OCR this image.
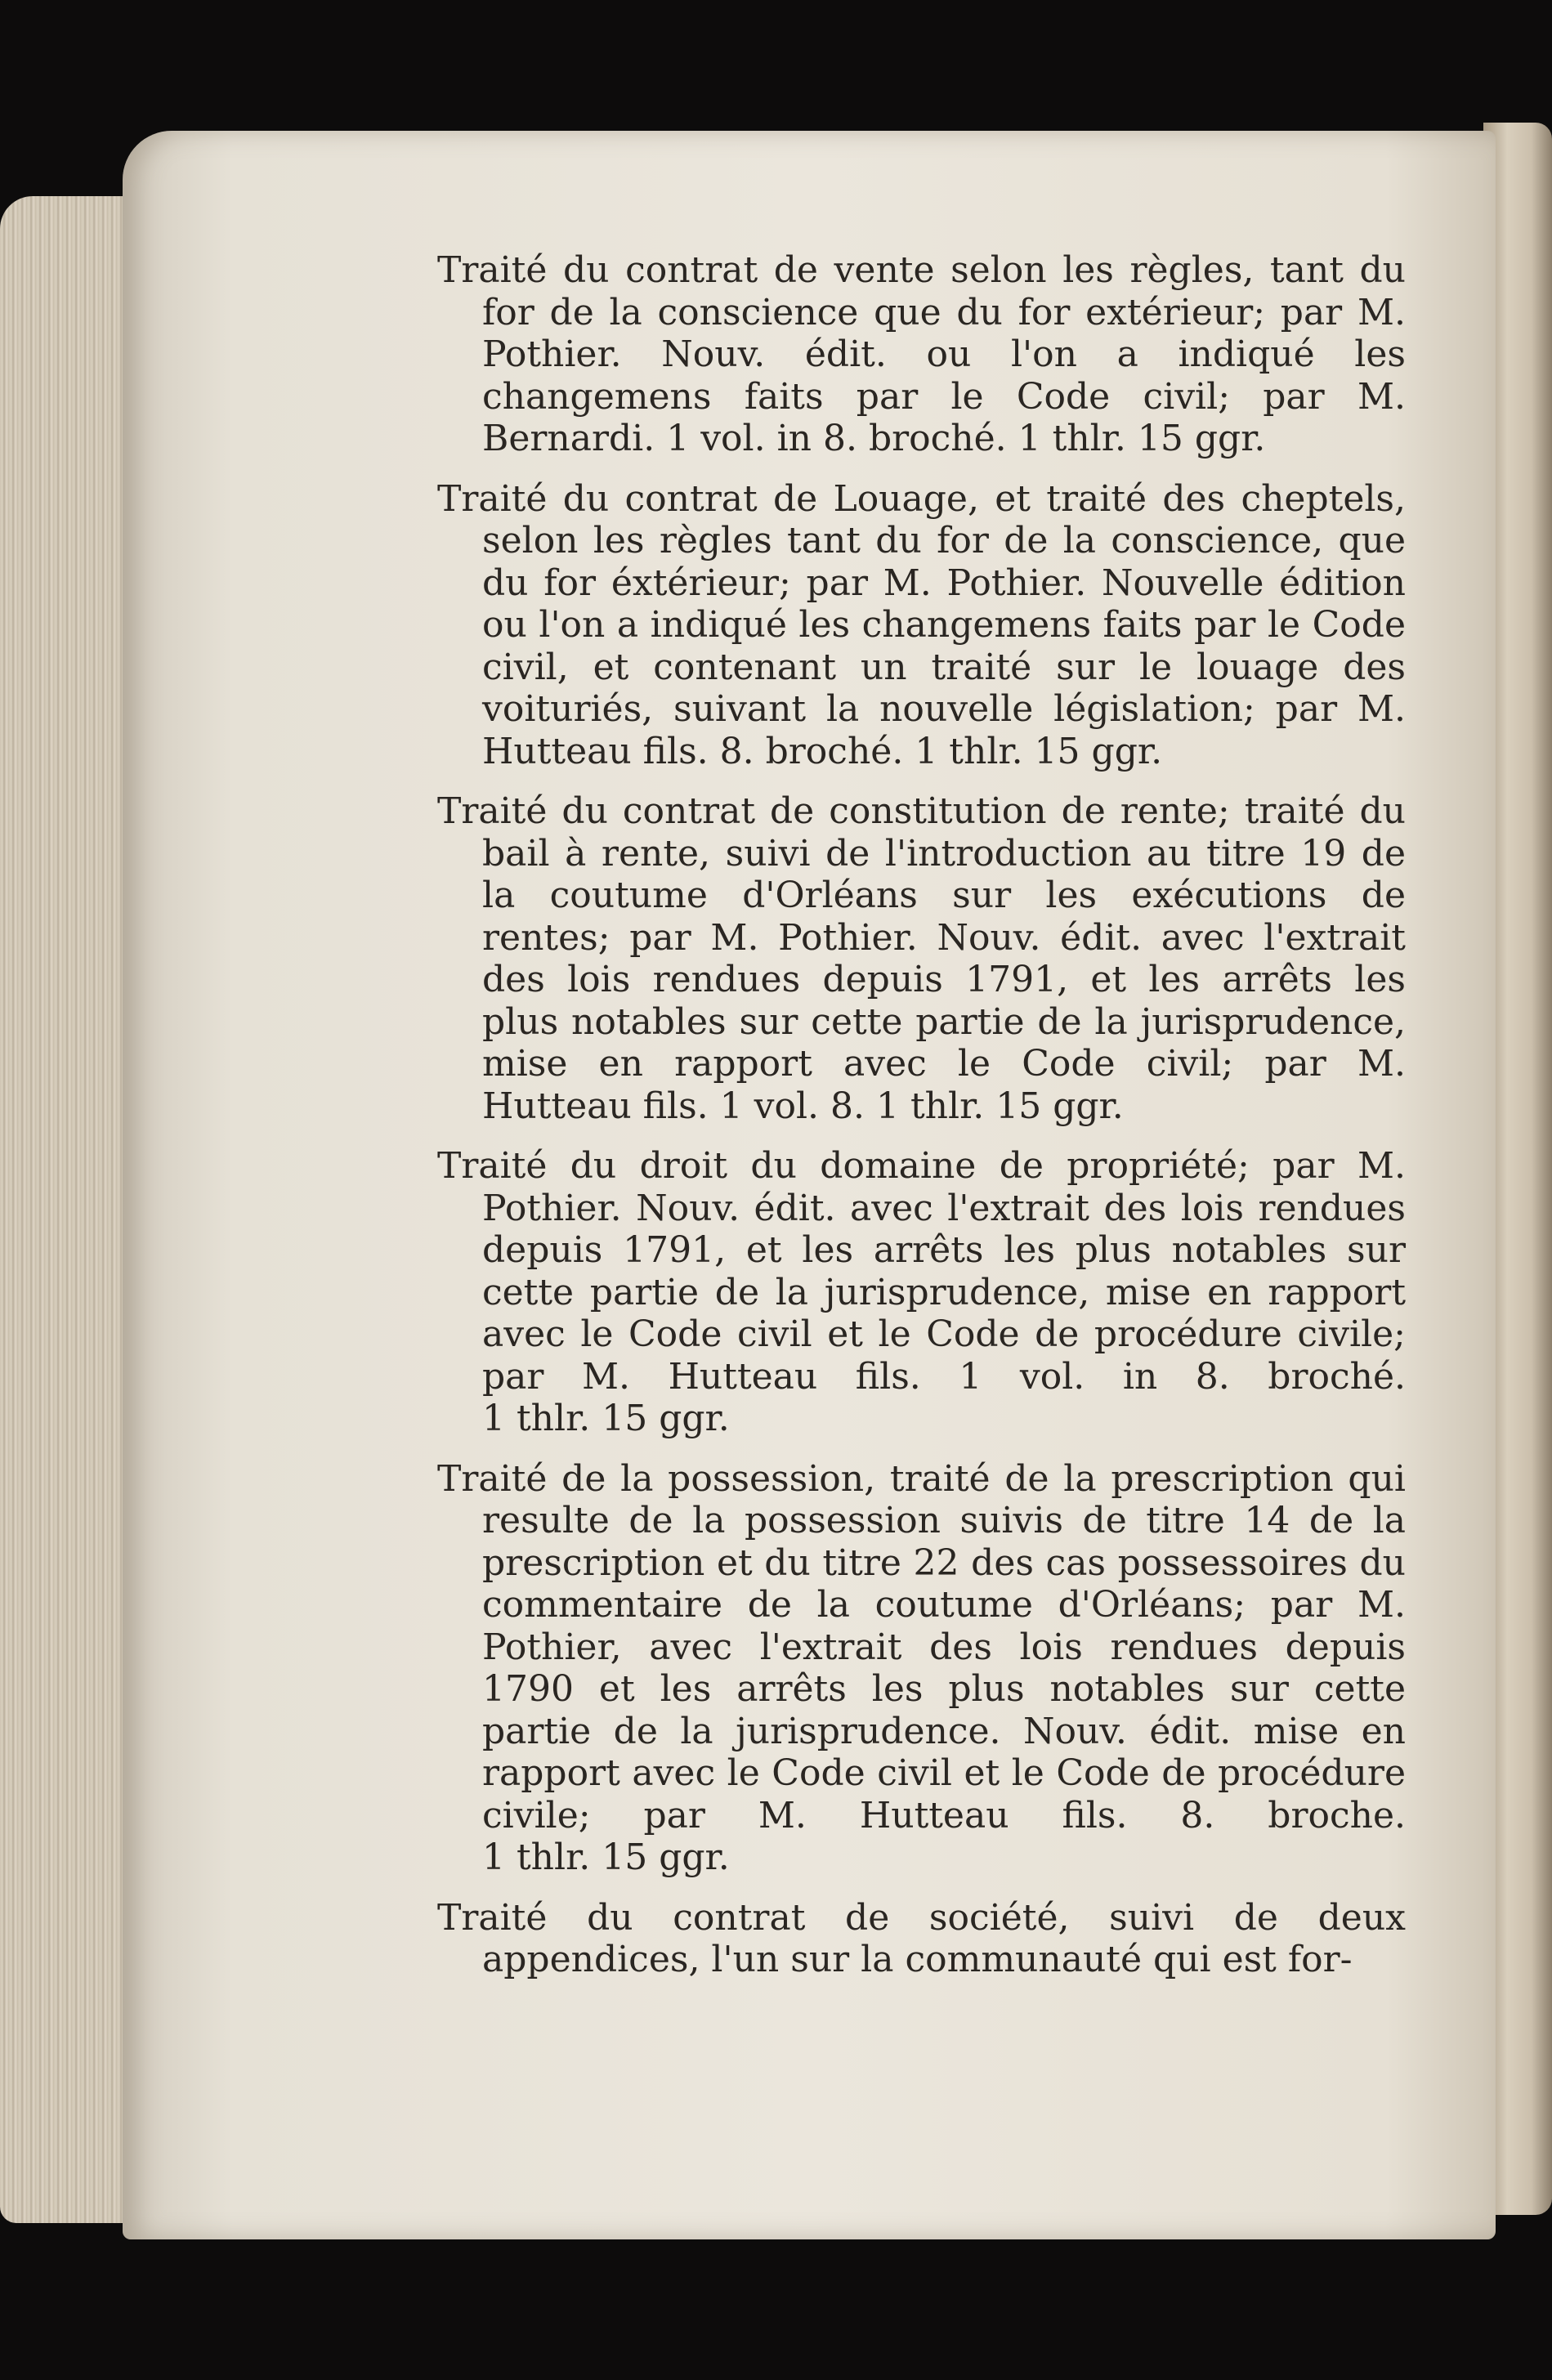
Traité du contrat de vente selon les règles, tant du for de la conscience que du for extérieur; par M. Pothier. Nouv. édit. ou l'on a indiqué les changemens faits par le Code civil; par M. Bernardi. 1 vol. in 8. broché. 1 thlr. 15 ggr.

Traité du contrat de Louage, et traité des cheptels, selon les règles tant du for de la conscience, que du for éxtérieur; par M. Pothier. Nouvelle édition ou l'on a indiqué les changemens faits par le Code civil, et contenant un traité sur le louage des voituriés, suivant la nouvelle législation; par M. Hutteau fils. 8. broché. 1 thlr. 15 ggr.

Traité du contrat de constitution de rente; traité du bail à rente, suivi de l'introduction au titre 19 de la coutume d'Orléans sur les exécutions de rentes; par M. Pothier. Nouv. édit. avec l'extrait des lois rendues depuis 1791, et les arrêts les plus notables sur cette partie de la jurisprudence, mise en rapport avec le Code civil; par M. Hutteau fils. 1 vol. 8. 1 thlr. 15 ggr.

Traité du droit du domaine de propriété; par M. Pothier. Nouv. édit. avec l'extrait des lois rendues depuis 1791, et les arrêts les plus notables sur cette partie de la jurisprudence, mise en rapport avec le Code civil et le Code de procédure civile; par M. Hutteau fils. 1 vol. in 8. broché. 1 thlr. 15 ggr.

Traité de la possession, traité de la prescription qui resulte de la possession suivis de titre 14 de la prescription et du titre 22 des cas possessoires du commentaire de la coutume d'Orléans; par M. Pothier, avec l'extrait des lois rendues depuis 1790 et les arrêts les plus notables sur cette partie de la jurisprudence. Nouv. édit. mise en rapport avec le Code civil et le Code de procédure civile; par M. Hutteau fils. 8. broche. 1 thlr. 15 ggr.

Traité du contrat de société, suivi de deux appendices, l'un sur la communauté qui est for-
